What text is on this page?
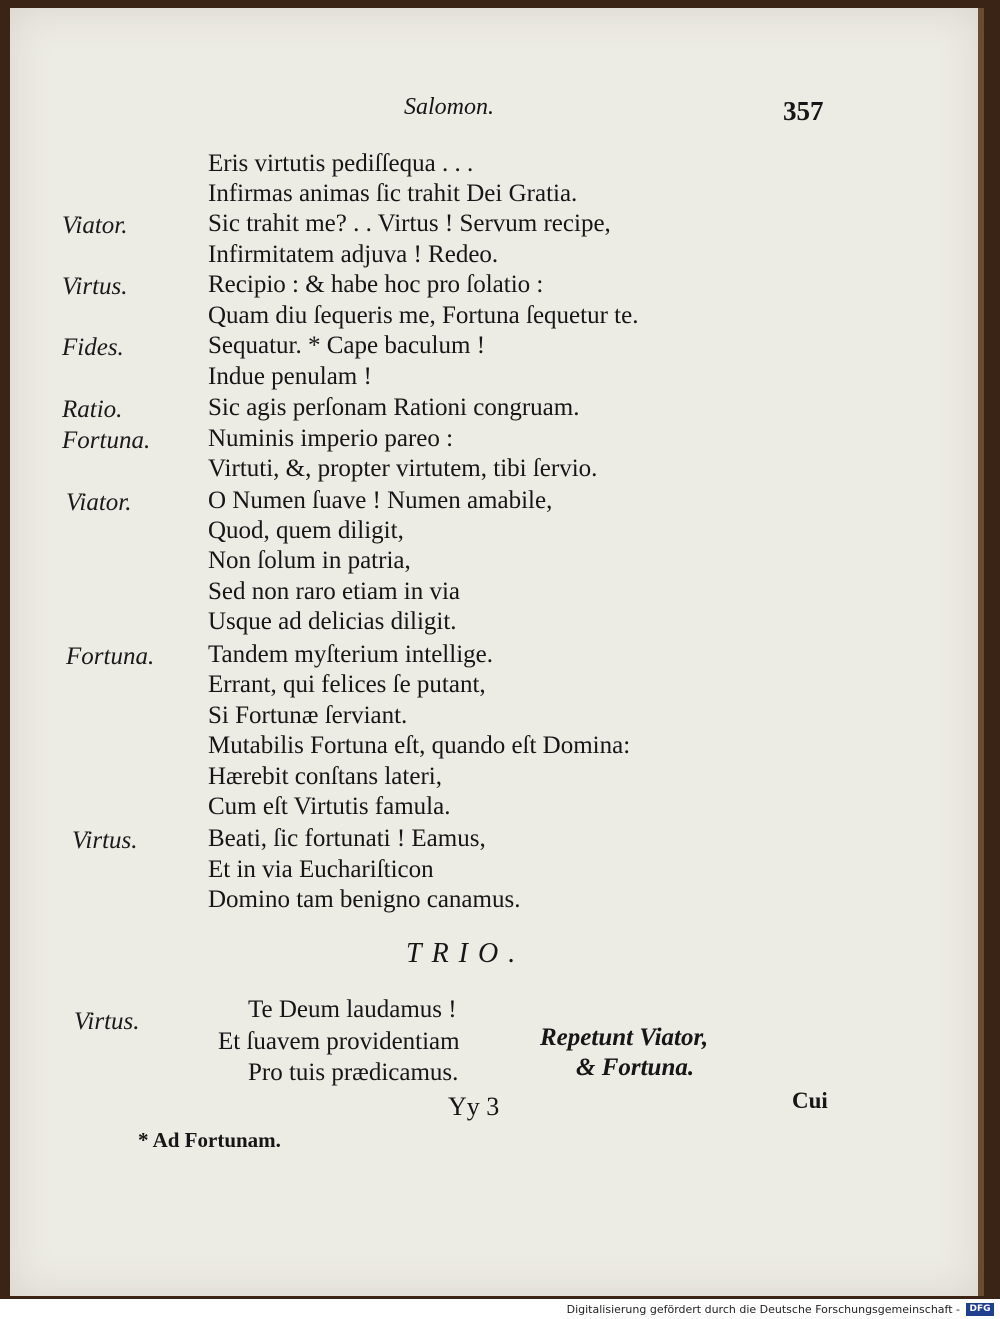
Salomon.	357
Eris virtutis pediſſequa . . .
Infirmas animas ſic trahit Dei Gratia.
Viator.	Sic trahit me? . . Virtus ! Servum recipe,
Infirmitatem adjuva ! Redeo.
Virtus.	Recipio : & habe hoc pro ſolatio :
Quam diu ſequeris me, Fortuna ſequetur te.
Fides.	Sequatur. * Cape baculum !
Indue penulam !
Ratio.	Sic agis perſonam Rationi congruam.
Fortuna. Numinis imperio pareo :
Virtuti, &, propter virtutem, tibi ſervio.
Viator.	O Numen ſuave ! Numen amabile,
Quod, quem diligit,
Non ſolum in patria,
Sed non raro etiam in via
Usque ad delicias diligit.
Fortuna. Tandem myſterium intellige.
Errant, qui felices ſe putant,
Si Fortunæ ſerviant.
Mutabilis Fortuna eſt, quando eſt Domina:
Hærebit conſtans lateri,
Cum eſt Virtutis famula.
Virtus.	Beati, ſic fortunati ! Eamus,
Et in via Euchariſticon
Domino tam benigno canamus.
TRIO.
Virtus.	Te Deum laudamus !
Et ſuavem providentiam
Pro tuis prædicamus.
Repetunt Viator,
& Fortuna.
Yy 3	Cui
* Ad Fortunam.
Digitalisierung gefördert durch die Deutsche Forschungsgemeinschaft -	DFG
